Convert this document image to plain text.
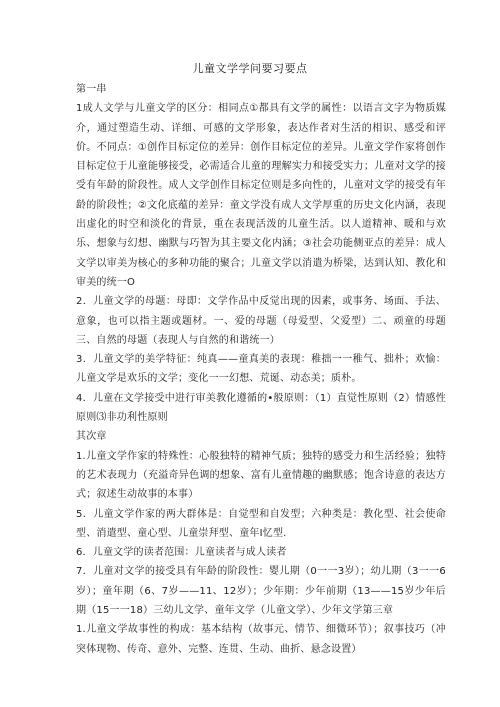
儿童文学学问要习要点

第一串

1成人文学与儿童文学的区分：相同点①都具有文学的属性：以语言文字为物质媒介，通过塑造生动、详细、可感的文学形象，表达作者对生活的相识、感受和评价。不同点：①创作目标定位的差异：创作目标定位的差异。儿童文学作家将创作目标定位于儿童能够接受，必需适合儿童的理解实力和接受实力；儿童对文学的接受有年龄的阶段性。成人文学创作目标定位则是多向性的，儿童对文学的接受有年龄的阶段性；②文化底蕴的差异：童文学没有成人文学厚重的历史文化内涵，表现出虚化的时空和淡化的背景，重在表现活泼的儿童生活。以人道精神、暖和与欢乐、想象与幻想、幽默与巧智为其主要文化内涵；③社会功能侧亚点的差异：成人文学以审美为核心的多种功能的聚合；儿童文学以消遣为桥梁，达到认知、教化和审美的统一O

2．儿童文学的母题：母即：文学作品中反觉出现的因素，或事务、场面、手法、意象，也可以指主题或题材。一、爱的母题（母爱型、父爱型）二、顽童的母题三、自然的母题（表现人与自然的和谐统一）

3．儿童文学的美学特征：纯真——童真美的表现：稚拙一一稚气、拙朴；欢愉：儿童文学是欢乐的文学；变化一一幻想、荒诞、动态美；质朴。

4．儿童在文学接受中进行审美教化遵循的•般原则：（1）直觉性原则（2）情感性原则⑶非功利性原则

其次章

1.儿童文学作家的特殊性：心般独特的精神气质；独特的感受力和生活经验；独特的艺术表现力（充溢奇异色调的想象、富有儿童情趣的幽默感；饱含诗意的表达方式；叙述生动故事的本事）

5．儿童文学作家的两大群体是：自觉型和自发型；六种类是：教化型、社会使命型、消遣型、童心型、儿童崇拜型、童年I忆型.

6．儿童文学的读者范围：儿童读者与成人读者

7．儿童对文学的接受具有年龄的阶段性：婴儿期（0一一3岁）；幼儿期（3一一6岁）；童年期（6、7岁——11、12岁）；少年期：少年前期（13——15岁少年后期（15一一18）三幼儿文学、童年文学（儿童文学）、少年文学第三章

1.儿童文学故事性的构成：基本结构（故事元、情节、细微环节）；叙事技巧（冲突体现物、传奇、意外、完整、连贯、生动、曲折、悬念设置）
